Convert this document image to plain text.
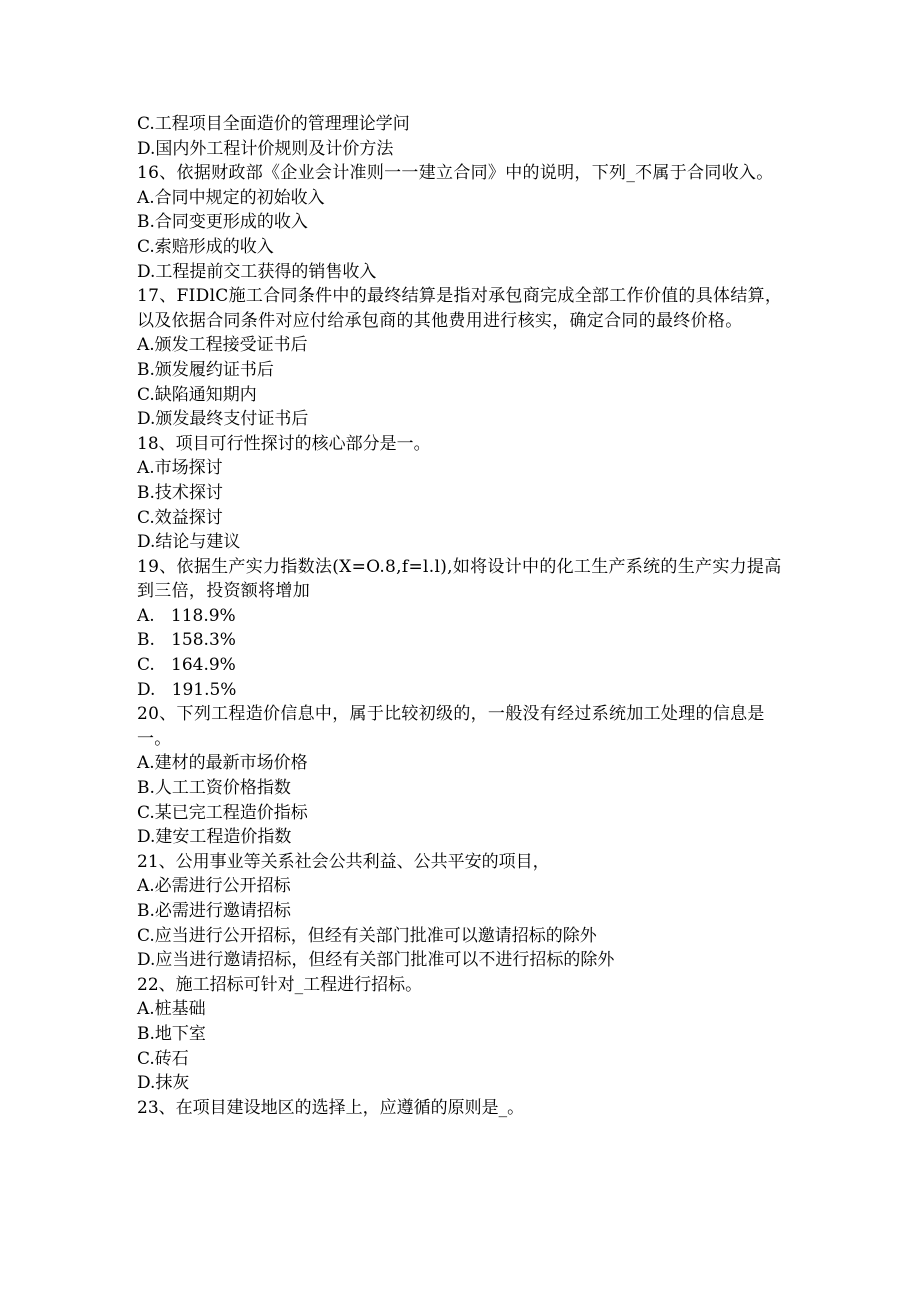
C.工程项目全面造价的管理理论学问
D.国内外工程计价规则及计价方法
16、依据财政部《企业会计准则一一建立合同》中的说明，下列_不属于合同收入。
A.合同中规定的初始收入
B.合同变更形成的收入
C.索赔形成的收入
D.工程提前交工获得的销售收入
17、FIDlC施工合同条件中的最终结算是指对承包商完成全部工作价值的具体结算，以及依据合同条件对应付给承包商的其他费用进行核实，确定合同的最终价格。
A.颁发工程接受证书后
B.颁发履约证书后
C.缺陷通知期内
D.颁发最终支付证书后
18、项目可行性探讨的核心部分是一。
A.市场探讨
B.技术探讨
C.效益探讨
D.结论与建议
19、依据生产实力指数法(X=O.8,f=l.l),如将设计中的化工生产系统的生产实力提高到三倍，投资额将增加
A.   118.9%
B.   158.3%
C.   164.9%
D.   191.5%
20、下列工程造价信息中，属于比较初级的，一般没有经过系统加工处理的信息是一。
A.建材的最新市场价格
B.人工工资价格指数
C.某已完工程造价指标
D.建安工程造价指数
21、公用事业等关系社会公共利益、公共平安的项目，
A.必需进行公开招标
B.必需进行邀请招标
C.应当进行公开招标，但经有关部门批准可以邀请招标的除外
D.应当进行邀请招标，但经有关部门批准可以不进行招标的除外
22、施工招标可针对_工程进行招标。
A.桩基础
B.地下室
C.砖石
D.抹灰
23、在项目建设地区的选择上，应遵循的原则是_。
